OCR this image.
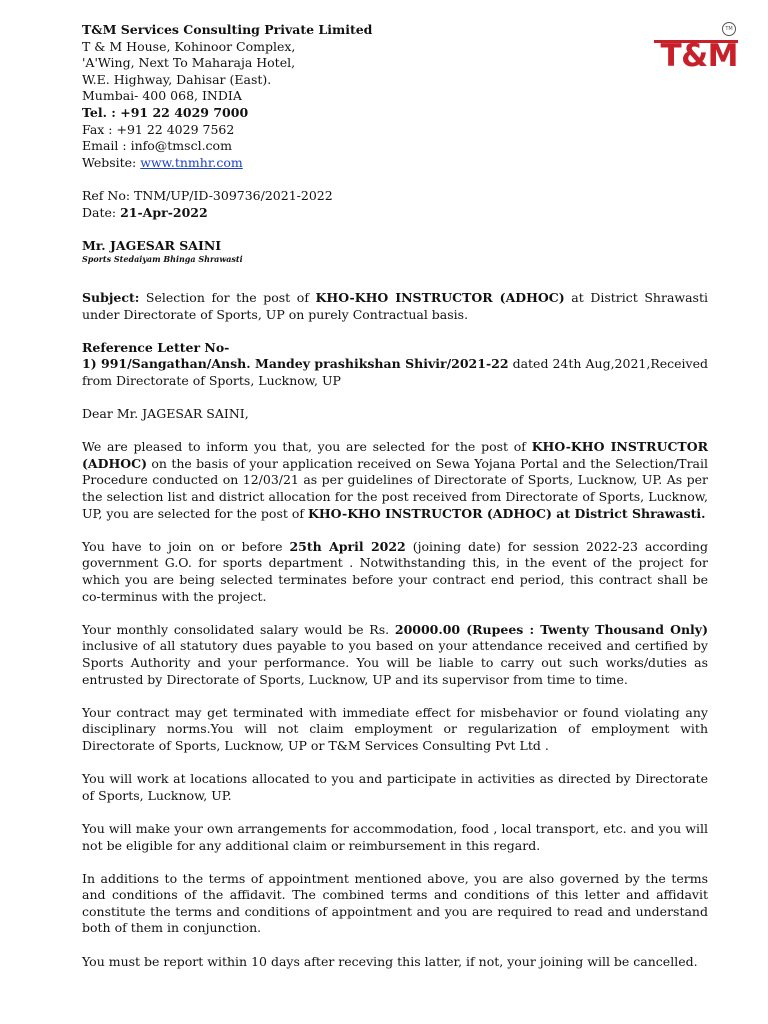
TM
T&M
T&M Services Consulting Private Limited
T & M House, Kohinoor Complex,
'A'Wing, Next To Maharaja Hotel,
W.E. Highway, Dahisar (East).
Mumbai- 400 068, INDIA
Tel. : +91 22 4029 7000
Fax : +91 22 4029 7562
Email : info@tmscl.com
Website: www.tnmhr.com
Ref No: TNM/UP/ID-309736/2021-2022
Date: 21-Apr-2022
Mr. JAGESAR SAINI
Sports Stedaiyam Bhinga Shrawasti

Subject: Selection for the post of KHO-KHO INSTRUCTOR (ADHOC) at District Shrawasti under Directorate of Sports, UP on purely Contractual basis.

Reference Letter No-

1) 991/Sangathan/Ansh. Mandey prashikshan Shivir/2021-22 dated 24th Aug,2021,Received from Directorate of Sports, Lucknow, UP

Dear Mr. JAGESAR SAINI,

We are pleased to inform you that, you are selected for the post of KHO-KHO INSTRUCTOR (ADHOC) on the basis of your application received on Sewa Yojana Portal and the Selection/Trail Procedure conducted on 12/03/21 as per guidelines of Directorate of Sports, Lucknow, UP. As per the selection list and district allocation for the post received from Directorate of Sports, Lucknow, UP, you are selected for the post of KHO-KHO INSTRUCTOR (ADHOC) at District Shrawasti.

You have to join on or before 25th April 2022 (joining date) for session 2022-23 according government G.O. for sports department . Notwithstanding this, in the event of the project for which you are being selected terminates before your contract end period, this contract shall be co-terminus with the project.

Your monthly consolidated salary would be Rs. 20000.00 (Rupees : Twenty Thousand Only) inclusive of all statutory dues payable to you based on your attendance received and certified by Sports Authority and your performance. You will be liable to carry out such works/duties as entrusted by Directorate of Sports, Lucknow, UP and its supervisor from time to time.

Your contract may get terminated with immediate effect for misbehavior or found violating any disciplinary norms.You will not claim employment or regularization of employment with Directorate of Sports, Lucknow, UP or T&M Services Consulting Pvt Ltd .

You will work at locations allocated to you and participate in activities as directed by Directorate of Sports, Lucknow, UP.

You will make your own arrangements for accommodation, food , local transport, etc. and you will not be eligible for any additional claim or reimbursement in this regard.

In additions to the terms of appointment mentioned above, you are also governed by the terms and conditions of the affidavit. The combined terms and conditions of this letter and affidavit constitute the terms and conditions of appointment and you are required to read and understand both of them in conjunction.

You must be report within 10 days after receving this latter, if not, your joining will be cancelled.
